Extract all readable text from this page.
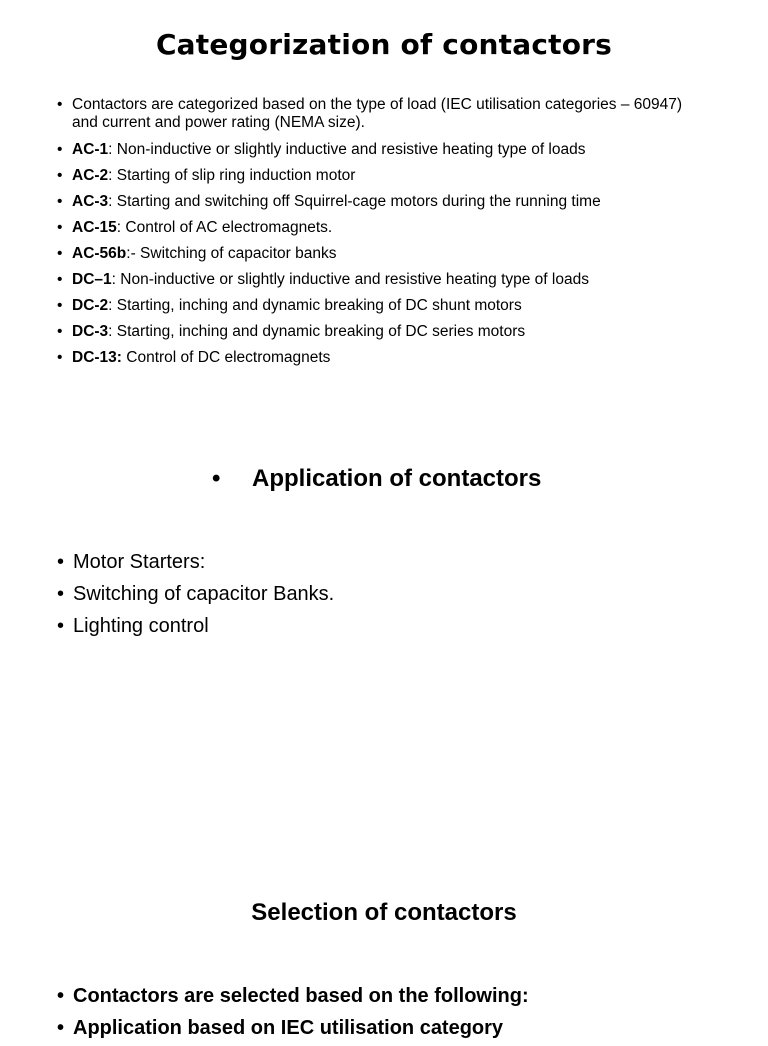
Categorization of contactors
• Contactors are categorized based on the type of load (IEC utilisation categories – 60947) and current and power rating (NEMA size).
• AC-1: Non-inductive or slightly inductive and resistive heating type of loads
• AC-2: Starting of slip ring induction motor
• AC-3: Starting and switching off Squirrel-cage motors during the running time
• AC-15: Control of AC electromagnets.
• AC-56b:- Switching of capacitor banks
• DC–1: Non-inductive or slightly inductive and resistive heating type of loads
• DC-2: Starting, inching and dynamic breaking of DC shunt motors
• DC-3: Starting, inching and dynamic breaking of DC series motors
• DC-13: Control of DC electromagnets
• Application of contactors
• Motor Starters:
• Switching of capacitor Banks.
• Lighting control
Selection of contactors
• Contactors are selected based on the following:
• Application based on IEC utilisation category
